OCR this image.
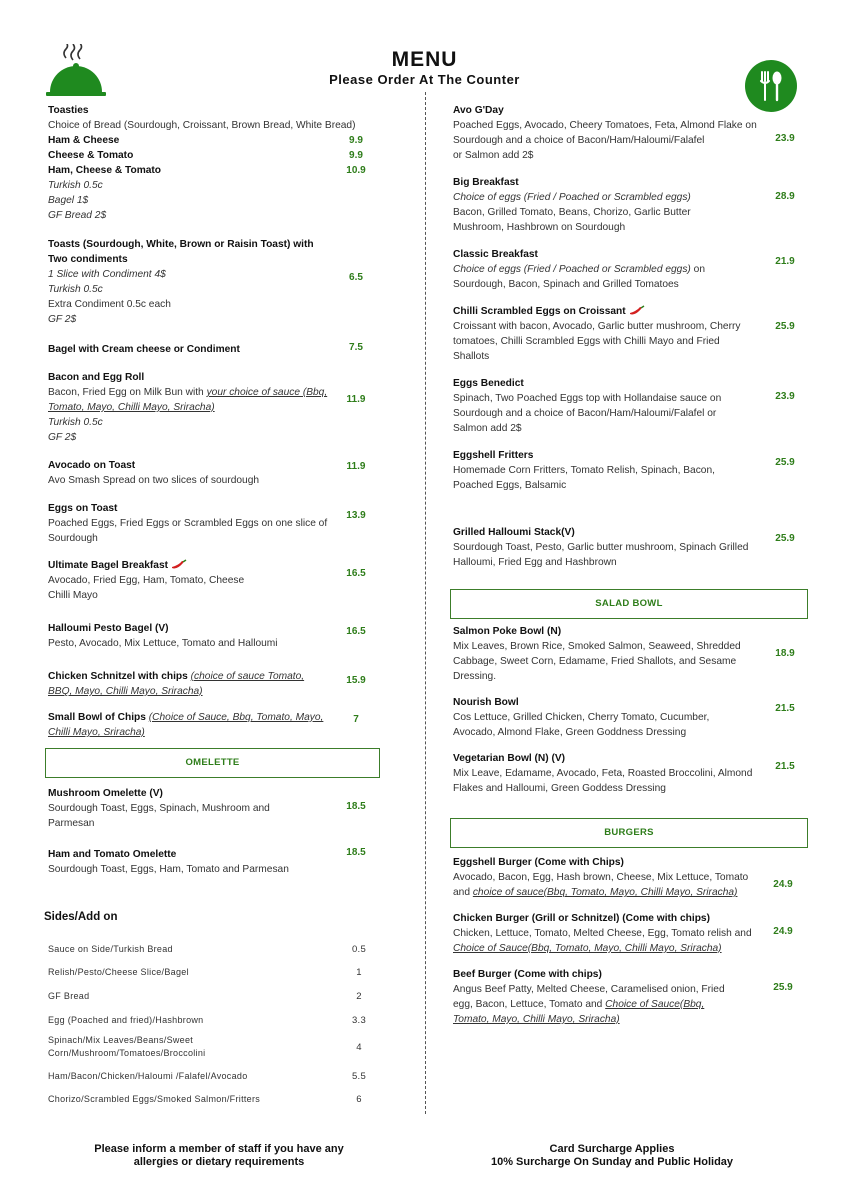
MENU
Please Order At The Counter
Toasties
Choice of Bread (Sourdough, Croissant, Brown Bread, White Bread)
Ham & Cheese	9.9
Cheese & Tomato	9.9
Ham, Cheese & Tomato	10.9
Turkish 0.5c
Bagel 1$
GF Bread 2$
Toasts (Sourdough, White, Brown or Raisin Toast) with Two condiments
1 Slice with Condiment 4$
Turkish 0.5c
Extra Condiment 0.5c each
GF 2$
6.5
Bagel with Cream cheese or Condiment	7.5
Bacon and Egg Roll
Bacon, Fried Egg on Milk Bun with your choice of sauce (Bbq, Tomato, Mayo, Chilli Mayo, Sriracha)
Turkish 0.5c
GF 2$
11.9
Avocado on Toast
Avo Smash Spread on two slices of sourdough
11.9
Eggs on Toast
Poached Eggs, Fried Eggs or Scrambled Eggs on one slice of Sourdough
13.9
Ultimate Bagel Breakfast
Avocado, Fried Egg, Ham, Tomato, Cheese
Chilli Mayo
16.5
Halloumi Pesto Bagel (V)
Pesto, Avocado, Mix Lettuce, Tomato and Halloumi
16.5
Chicken Schnitzel with chips (choice of sauce Tomato, BBQ, Mayo, Chilli Mayo, Sriracha)
15.9
Small Bowl of Chips (Choice of Sauce, Bbq, Tomato, Mayo, Chilli Mayo, Sriracha)
7
OMELETTE
Mushroom Omelette (V)
Sourdough Toast, Eggs, Spinach, Mushroom and Parmesan
18.5
Ham and Tomato Omelette
Sourdough Toast, Eggs, Ham, Tomato and Parmesan
18.5
Sides/Add on
Sauce on Side/Turkish Bread	0.5
Relish/Pesto/Cheese Slice/Bagel	1
GF Bread	2
Egg (Poached and fried)/Hashbrown	3.3
Spinach/Mix Leaves/Beans/Sweet Corn/Mushroom/Tomatoes/Broccolini	4
Ham/Bacon/Chicken/Haloumi /Falafel/Avocado	5.5
Chorizo/Scrambled Eggs/Smoked Salmon/Fritters	6
Avo G'Day
Poached Eggs, Avocado, Cheery Tomatoes, Feta, Almond Flake on Sourdough and a choice of Bacon/Ham/Haloumi/Falafel
or Salmon add 2$
23.9
Big Breakfast
Choice of eggs (Fried / Poached or Scrambled eggs)
Bacon, Grilled Tomato, Beans, Chorizo, Garlic Butter Mushroom, Hashbrown on Sourdough
28.9
Classic Breakfast
Choice of eggs (Fried / Poached or Scrambled eggs) on Sourdough, Bacon, Spinach and Grilled Tomatoes
21.9
Chilli Scrambled Eggs on Croissant
Croissant with bacon, Avocado, Garlic butter mushroom, Cherry tomatoes, Chilli Scrambled Eggs with Chilli Mayo and Fried Shallots
25.9
Eggs Benedict
Spinach, Two Poached Eggs top with Hollandaise sauce on Sourdough and a choice of Bacon/Ham/Haloumi/Falafel or Salmon add 2$
23.9
Eggshell Fritters
Homemade Corn Fritters, Tomato Relish, Spinach, Bacon, Poached Eggs, Balsamic
25.9
Grilled Halloumi Stack(V)
Sourdough Toast, Pesto, Garlic butter mushroom, Spinach Grilled Halloumi, Fried Egg and Hashbrown
25.9
SALAD BOWL
Salmon Poke Bowl (N)
Mix Leaves, Brown Rice, Smoked Salmon, Seaweed, Shredded Cabbage, Sweet Corn, Edamame, Fried Shallots, and Sesame Dressing.
18.9
Nourish Bowl
Cos Lettuce, Grilled Chicken, Cherry Tomato, Cucumber, Avocado, Almond Flake, Green Goddness Dressing
21.5
Vegetarian Bowl (N) (V)
Mix Leave, Edamame, Avocado, Feta, Roasted Broccolini, Almond Flakes and Halloumi, Green Goddess Dressing
21.5
BURGERS
Eggshell Burger (Come with Chips)
Avocado, Bacon, Egg, Hash brown, Cheese, Mix Lettuce, Tomato and choice of sauce(Bbq, Tomato, Mayo, Chilli Mayo, Sriracha)
24.9
Chicken Burger (Grill or Schnitzel) (Come with chips)
Chicken, Lettuce, Tomato, Melted Cheese, Egg, Tomato relish and Choice of Sauce(Bbq, Tomato, Mayo, Chilli Mayo, Sriracha)
24.9
Beef Burger (Come with chips)
Angus Beef Patty, Melted Cheese, Caramelised onion, Fried egg, Bacon, Lettuce, Tomato and Choice of Sauce(Bbq, Tomato, Mayo, Chilli Mayo, Sriracha)
25.9
Please inform a member of staff if you have any
allergies or dietary requirements
Card Surcharge Applies
10% Surcharge On Sunday and Public Holiday
